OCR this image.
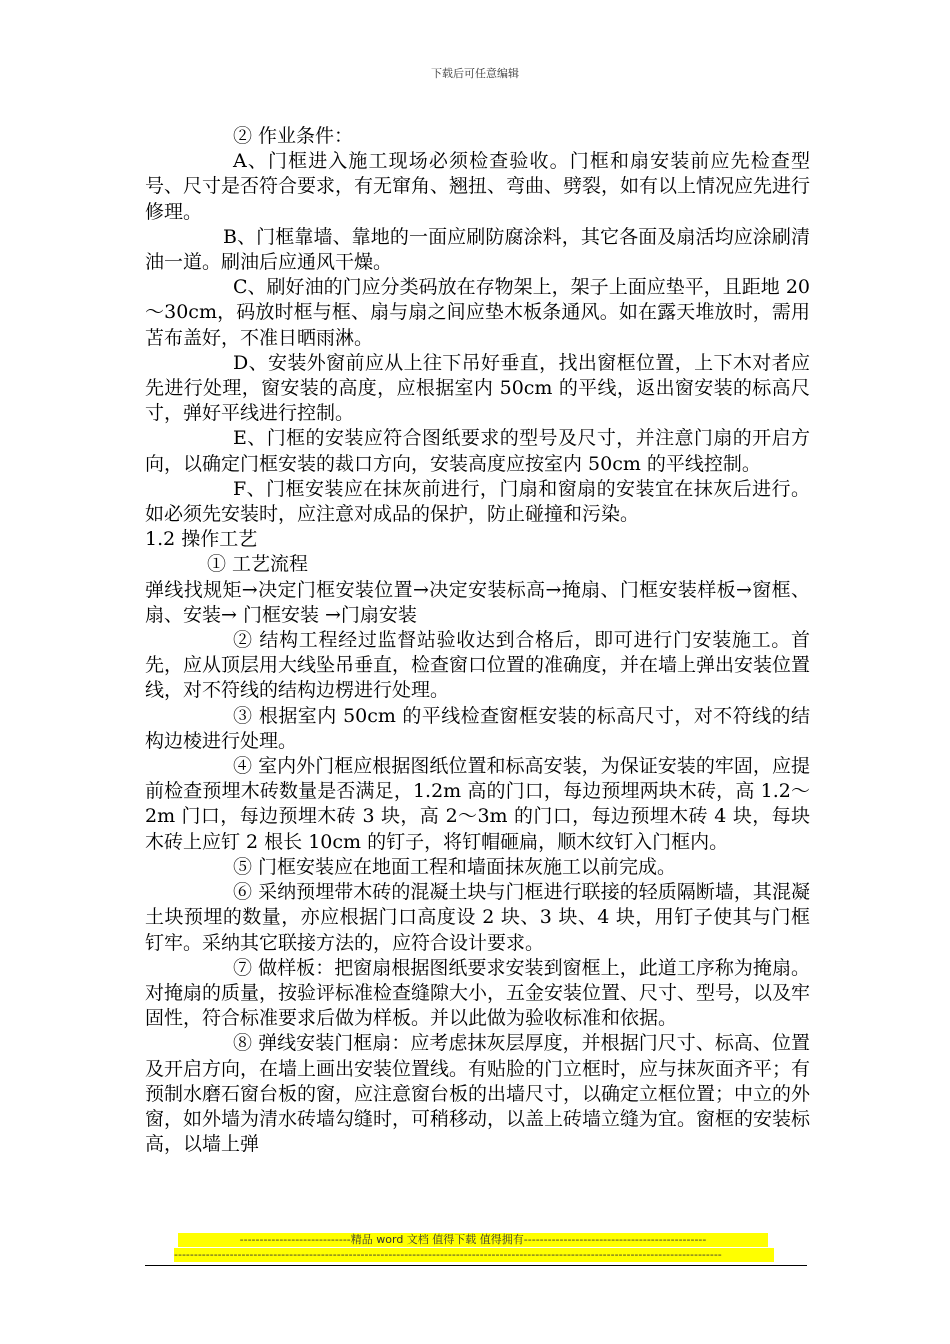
下载后可任意编辑

② 作业条件：

A、门框进入施工现场必须检查验收。门框和扇安装前应先检查型号、尺寸是否符合要求，有无窜角、翘扭、弯曲、劈裂，如有以上情况应先进行修理。

B、门框靠墙、靠地的一面应刷防腐涂料，其它各面及扇活均应涂刷清油一道。刷油后应通风干燥。

C、刷好油的门应分类码放在存物架上，架子上面应垫平，且距地 20～30cm，码放时框与框、扇与扇之间应垫木板条通风。如在露天堆放时，需用苫布盖好，不准日晒雨淋。

D、安装外窗前应从上往下吊好垂直，找出窗框位置，上下木对者应先进行处理，窗安装的高度，应根据室内 50cm 的平线，返出窗安装的标高尺寸，弹好平线进行控制。

E、门框的安装应符合图纸要求的型号及尺寸，并注意门扇的开启方向，以确定门框安装的裁口方向，安装高度应按室内 50cm 的平线控制。

F、门框安装应在抹灰前进行，门扇和窗扇的安装宜在抹灰后进行。如必须先安装时，应注意对成品的保护，防止碰撞和污染。

1.2 操作工艺

① 工艺流程

弹线找规矩→决定门框安装位置→决定安装标高→掩扇、门框安装样板→窗框、扇、安装→ 门框安装 →门扇安装

② 结构工程经过监督站验收达到合格后，即可进行门安装施工。首先，应从顶层用大线坠吊垂直，检查窗口位置的准确度，并在墙上弹出安装位置线，对不符线的结构边楞进行处理。

③ 根据室内 50cm 的平线检查窗框安装的标高尺寸，对不符线的结构边棱进行处理。

④ 室内外门框应根据图纸位置和标高安装，为保证安装的牢固，应提前检查预埋木砖数量是否满足，1.2m 高的门口，每边预埋两块木砖，高 1.2～2m 门口，每边预埋木砖 3 块，高 2～3m 的门口，每边预埋木砖 4 块，每块木砖上应钉 2 根长 10cm 的钉子，将钉帽砸扁，顺木纹钉入门框内。

⑤ 门框安装应在地面工程和墙面抹灰施工以前完成。

⑥ 采纳预埋带木砖的混凝土块与门框进行联接的轻质隔断墙，其混凝土块预埋的数量，亦应根据门口高度设 2 块、3 块、4 块，用钉子使其与门框钉牢。采纳其它联接方法的，应符合设计要求。

⑦ 做样板：把窗扇根据图纸要求安装到窗框上，此道工序称为掩扇。对掩扇的质量，按验评标准检查缝隙大小，五金安装位置、尺寸、型号，以及牢固性，符合标准要求后做为样板。并以此做为验收标准和依据。

⑧ 弹线安装门框扇：应考虑抹灰层厚度，并根据门尺寸、标高、位置及开启方向，在墙上画出安装位置线。有贴脸的门立框时，应与抹灰面齐平；有预制水磨石窗台板的窗，应注意窗台板的出墙尺寸，以确定立框位置；中立的外窗，如外墙为清水砖墙勾缝时，可稍移动，以盖上砖墙立缝为宜。窗框的安装标高，以墙上弹

----------------------------精品 word 文档 值得下载 值得拥有----------------------------------------------
------------------------------------------------------------------------------------------------------------------------------------------
